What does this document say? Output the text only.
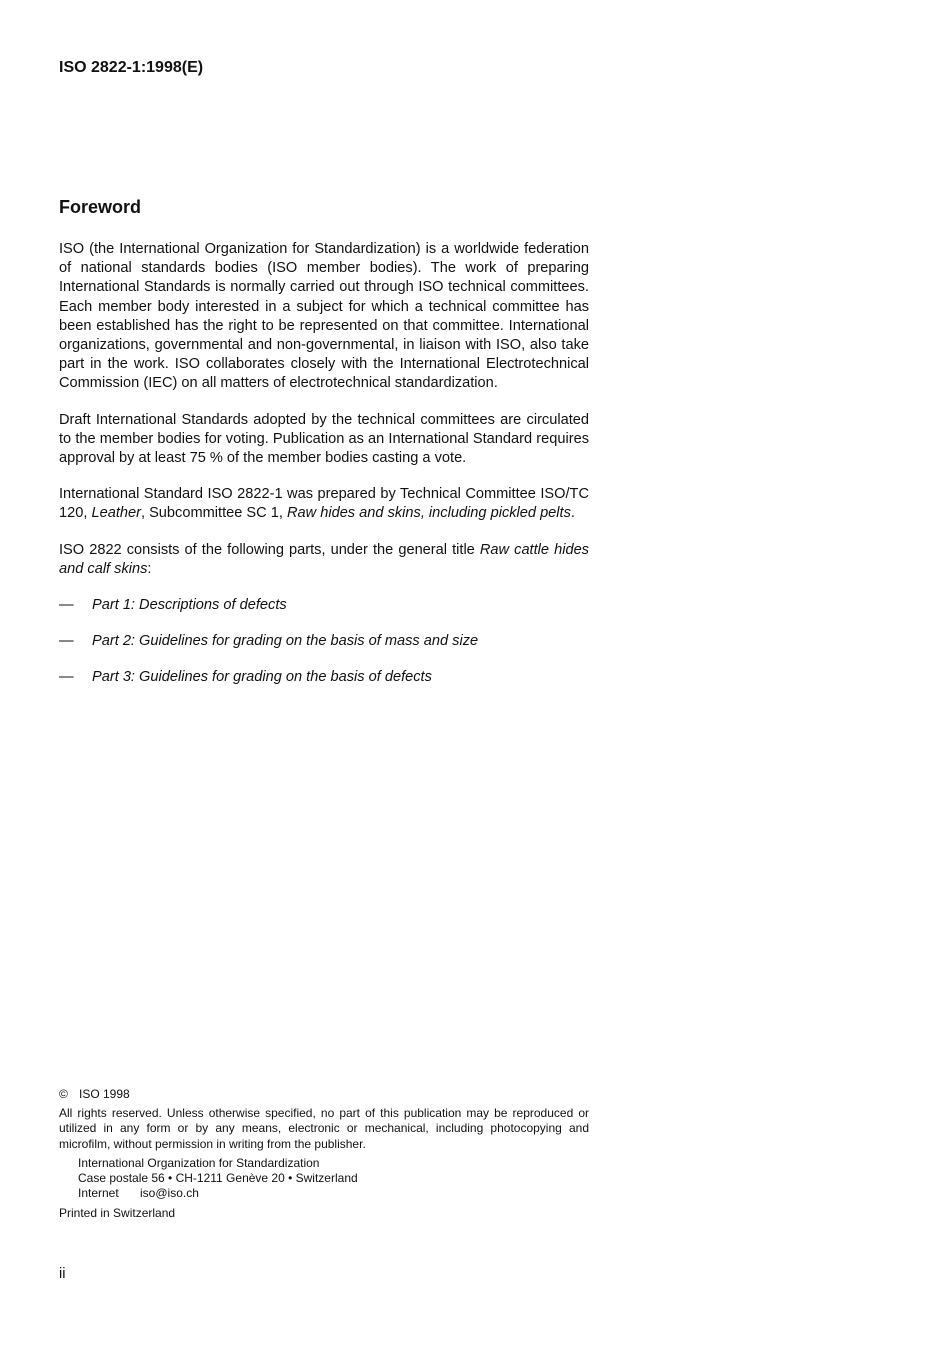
ISO 2822-1:1998(E)
Foreword

ISO (the International Organization for Standardization) is a worldwide federation of national standards bodies (ISO member bodies). The work of preparing International Standards is normally carried out through ISO technical committees. Each member body interested in a subject for which a technical committee has been established has the right to be represented on that committee. International organizations, governmental and non-governmental, in liaison with ISO, also take part in the work. ISO collaborates closely with the International Electrotechnical Commission (IEC) on all matters of electrotechnical standardization.

Draft International Standards adopted by the technical committees are circulated to the member bodies for voting. Publication as an International Standard requires approval by at least 75 % of the member bodies casting a vote.

International Standard ISO 2822-1 was prepared by Technical Committee ISO/TC 120, Leather, Subcommittee SC 1, Raw hides and skins, including pickled pelts.

ISO 2822 consists of the following parts, under the general title Raw cattle hides and calf skins:

—	Part 1: Descriptions of defects
—	Part 2: Guidelines for grading on the basis of mass and size
—	Part 3: Guidelines for grading on the basis of defects
© ISO 1998
All rights reserved. Unless otherwise specified, no part of this publication may be reproduced or utilized in any form or by any means, electronic or mechanical, including photocopying and microfilm, without permission in writing from the publisher.
International Organization for Standardization
Case postale 56 • CH-1211 Genève 20 • Switzerland
Internet iso@iso.ch
Printed in Switzerland
ii
